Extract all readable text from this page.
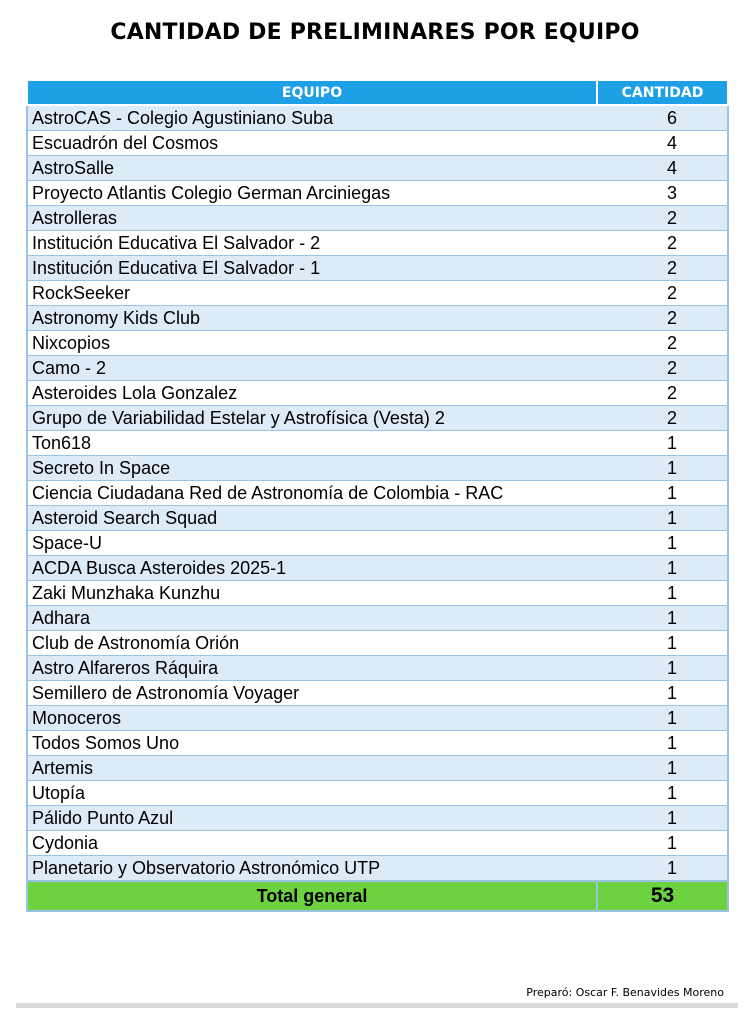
CANTIDAD DE PRELIMINARES POR EQUIPO
EQUIPO	CANTIDAD
AstroCAS - Colegio Agustiniano Suba	6
Escuadrón del Cosmos	4
AstroSalle	4
Proyecto Atlantis Colegio German Arciniegas	3
Astrolleras	2
Institución Educativa El Salvador - 2	2
Institución Educativa El Salvador - 1	2
RockSeeker	2
Astronomy Kids Club	2
Nixcopios	2
Camo - 2	2
Asteroides Lola Gonzalez	2
Grupo de Variabilidad Estelar y Astrofísica (Vesta) 2	2
Ton618	1
Secreto In Space	1
Ciencia Ciudadana Red de Astronomía de Colombia - RAC	1
Asteroid Search Squad	1
Space-U	1
ACDA Busca Asteroides 2025-1	1
Zaki Munzhaka Kunzhu	1
Adhara	1
Club de Astronomía Orión	1
Astro Alfareros Ráquira	1
Semillero de Astronomía Voyager	1
Monoceros	1
Todos Somos Uno	1
Artemis	1
Utopía	1
Pálido Punto Azul	1
Cydonia	1
Planetario y Observatorio Astronómico UTP	1
Total general	53
Preparó: Oscar F. Benavides Moreno
